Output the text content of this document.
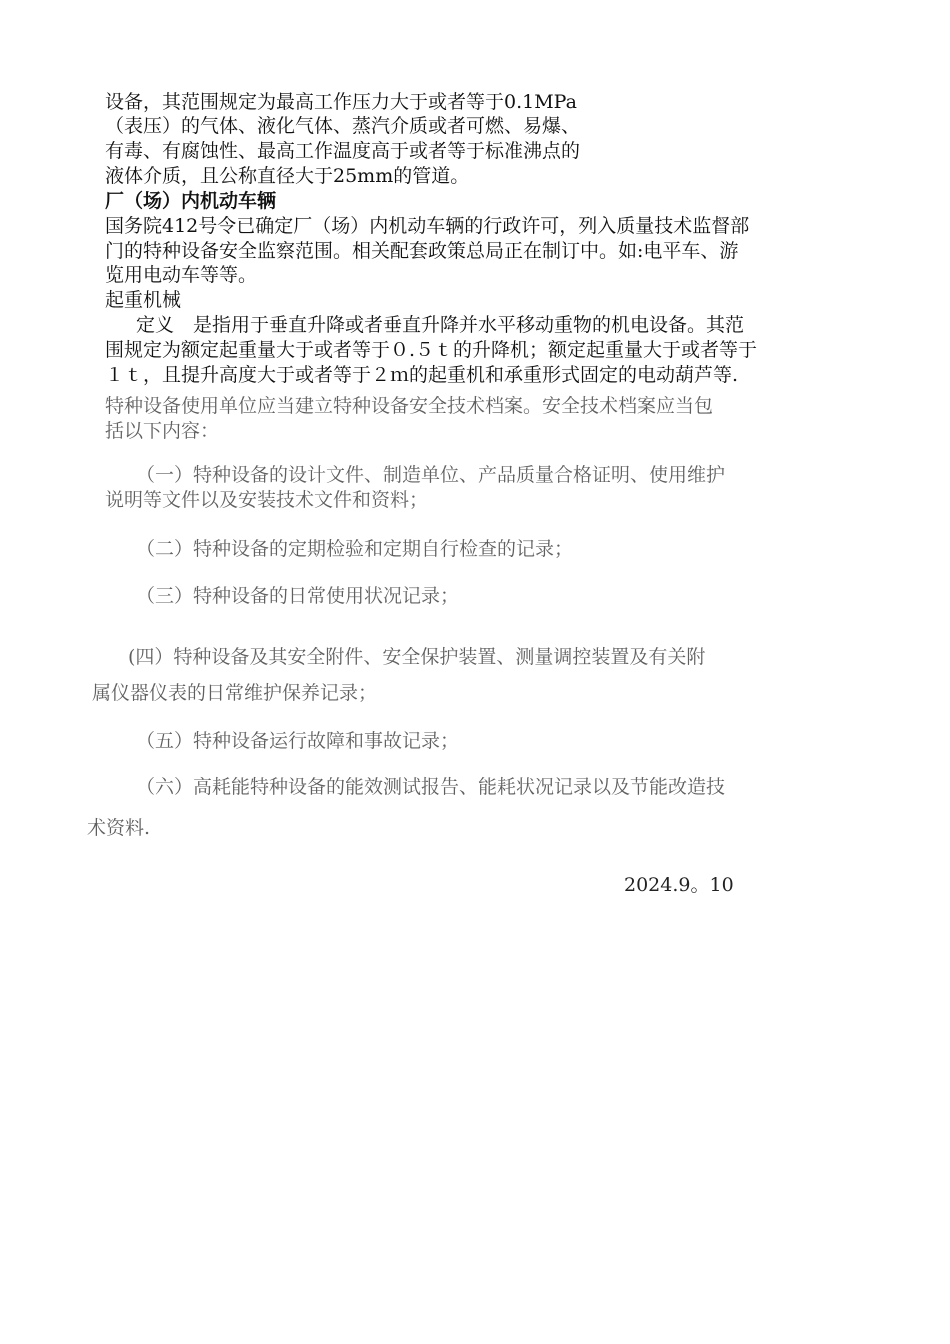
设备，其范围规定为最高工作压力大于或者等于0.1MPa
（表压）的气体、液化气体、蒸汽介质或者可燃、易爆、
有毒、有腐蚀性、最高工作温度高于或者等于标准沸点的
液体介质，且公称直径大于25mm的管道。
厂（场）内机动车辆
国务院412号令已确定厂（场）内机动车辆的行政许可，列入质量技术监督部
门的特种设备安全监察范围。相关配套政策总局正在制订中。如:电平车、游
览用电动车等等。
起重机械
定义　是指用于垂直升降或者垂直升降并水平移动重物的机电设备。其范
围规定为额定起重量大于或者等于０.５ｔ的升降机；额定起重量大于或者等于
１ｔ，且提升高度大于或者等于２ｍ的起重机和承重形式固定的电动葫芦等.
特种设备使用单位应当建立特种设备安全技术档案。安全技术档案应当包
括以下内容：
（一）特种设备的设计文件、制造单位、产品质量合格证明、使用维护
说明等文件以及安装技术文件和资料；
（二）特种设备的定期检验和定期自行检查的记录；
（三）特种设备的日常使用状况记录；
(四）特种设备及其安全附件、安全保护装置、测量调控装置及有关附
属仪器仪表的日常维护保养记录；
（五）特种设备运行故障和事故记录；
（六）高耗能特种设备的能效测试报告、能耗状况记录以及节能改造技
术资料.
2024.9。10
